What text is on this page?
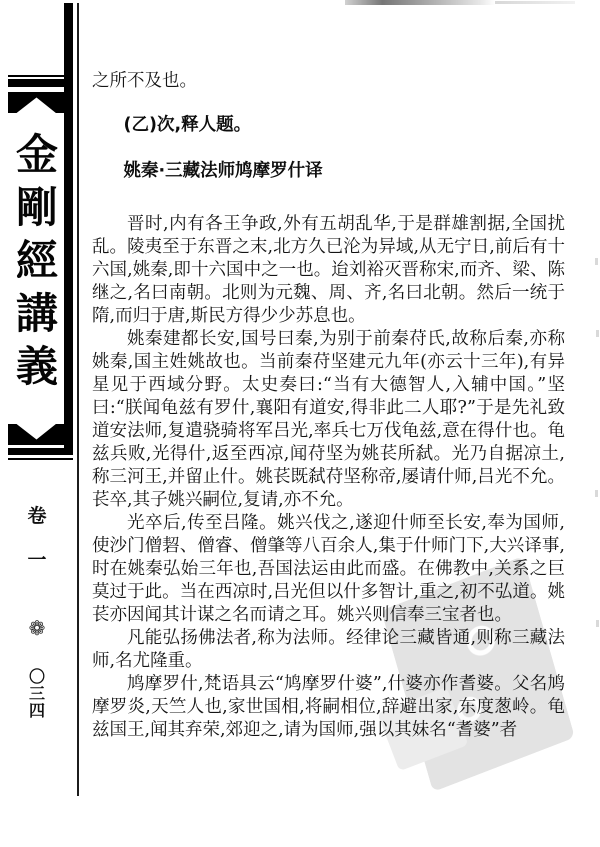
金
剛
經
講
義
卷
一
❁
〇
三
四

之所不及也。

(乙)次,释人题。
姚秦·三藏法师鸠摩罗什译

晋时,内有各王争政,外有五胡乱华,于是群雄割据,全国扰乱。陵夷至于东晋之末,北方久已沦为异域,从无宁日,前后有十六国,姚秦,即十六国中之一也。迨刘裕灭晋称宋,而齐、梁、陈继之,名曰南朝。北则为元魏、周、齐,名曰北朝。然后一统于隋,而归于唐,斯民方得少少苏息也。

姚秦建都长安,国号曰秦,为别于前秦苻氏,故称后秦,亦称姚秦,国主姓姚故也。当前秦苻坚建元九年(亦云十三年),有异星见于西域分野。太史奏曰:“当有大德智人,入辅中国。”坚曰:“朕闻龟兹有罗什,襄阳有道安,得非此二人耶?”于是先礼致道安法师,复遣骁骑将军吕光,率兵七万伐龟兹,意在得什也。龟兹兵败,光得什,返至西凉,闻苻坚为姚苌所弑。光乃自据凉土,称三河王,并留止什。姚苌既弑苻坚称帝,屡请什师,吕光不允。苌卒,其子姚兴嗣位,复请,亦不允。

光卒后,传至吕隆。姚兴伐之,遂迎什师至长安,奉为国师,使沙门僧䂮、僧睿、僧肇等八百余人,集于什师门下,大兴译事,时在姚秦弘始三年也,吾国法运由此而盛。在佛教中,关系之巨莫过于此。当在西凉时,吕光但以什多智计,重之,初不弘道。姚苌亦因闻其计谋之名而请之耳。姚兴则信奉三宝者也。

凡能弘扬佛法者,称为法师。经律论三藏皆通,则称三藏法师,名尤隆重。

鸠摩罗什,梵语具云“鸠摩罗什婆”,什婆亦作耆婆。父名鸠摩罗炎,天竺人也,家世国相,将嗣相位,辞避出家,东度葱岭。龟兹国王,闻其弃荣,郊迎之,请为国师,强以其妹名“耆婆”者
